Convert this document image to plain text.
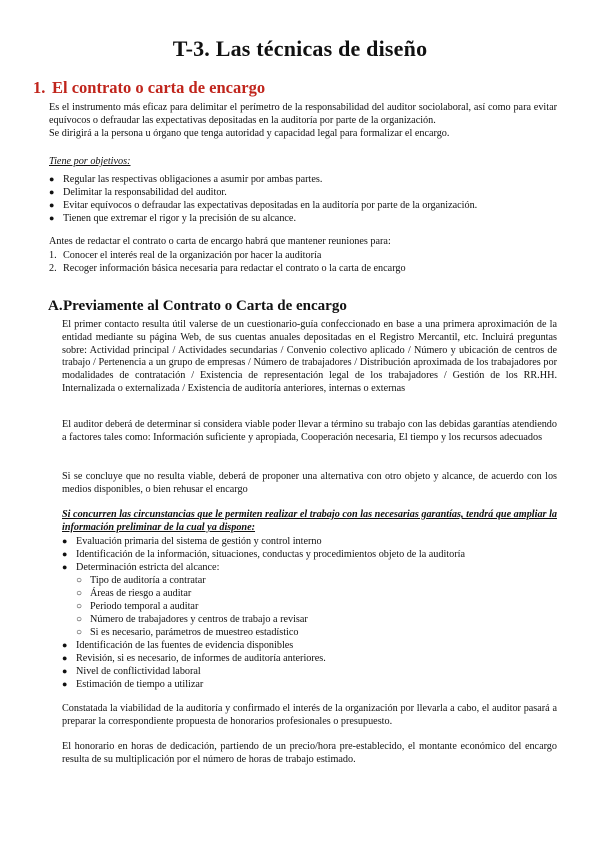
T-3. Las técnicas de diseño
1. El contrato o carta de encargo

Es el instrumento más eficaz para delimitar el perímetro de la responsabilidad del auditor sociolaboral, así como para evitar equívocos o defraudar las expectativas depositadas en la auditoría por parte de la organización.

Se dirigirá a la persona u órgano que tenga autoridad y capacidad legal para formalizar el encargo.

Tiene por objetivos:
● Regular las respectivas obligaciones a asumir por ambas partes.
● Delimitar la responsabilidad del auditor.
● Evitar equívocos o defraudar las expectativas depositadas en la auditoría por parte de la organización.
● Tienen que extremar el rigor y la precisión de su alcance.
Antes de redactar el contrato o carta de encargo habrá que mantener reuniones para:
1. Conocer el interés real de la organización por hacer la auditoría
2. Recoger información básica necesaria para redactar el contrato o la carta de encargo
A.Previamente al Contrato o Carta de encargo
El primer contacto resulta útil valerse de un cuestionario-guía confeccionado en base a una primera aproximación de la entidad mediante su página Web, de sus cuentas anuales depositadas en el Registro Mercantil, etc. Incluirá preguntas sobre: Actividad principal / Actividades secundarias / Convenio colectivo aplicado / Número y ubicación de centros de trabajo / Pertenencia a un grupo de empresas / Número de trabajadores / Distribución aproximada de los trabajadores por modalidades de contratación / Existencia de representación legal de los trabajadores / Gestión de los RR.HH. Internalizada o externalizada / Existencia de auditoría anteriores, internas o externas
El auditor deberá de determinar si considera viable poder llevar a término su trabajo con las debidas garantías atendiendo a factores tales como: Información suficiente y apropiada, Cooperación necesaria, El tiempo y los recursos adecuados
Si se concluye que no resulta viable, deberá de proponer una alternativa con otro objeto y alcance, de acuerdo con los medios disponibles, o bien rehusar el encargo
Si concurren las circunstancias que le permiten realizar el trabajo con las necesarias garantías, tendrá que ampliar la información preliminar de la cual ya dispone:
● Evaluación primaria del sistema de gestión y control interno
● Identificación de la información, situaciones, conductas y procedimientos objeto de la auditoría
● Determinación estricta del alcance:
○ Tipo de auditoría a contratar
○ Áreas de riesgo a auditar
○ Periodo temporal a auditar
○ Número de trabajadores y centros de trabajo a revisar
○ Si es necesario, parámetros de muestreo estadístico
● Identificación de las fuentes de evidencia disponibles
● Revisión, si es necesario, de informes de auditoría anteriores.
● Nivel de conflictividad laboral
● Estimación de tiempo a utilizar
Constatada la viabilidad de la auditoría y confirmado el interés de la organización por llevarla a cabo, el auditor pasará a preparar la correspondiente propuesta de honorarios profesionales o presupuesto.
El honorario en horas de dedicación, partiendo de un precio/hora pre-establecido, el montante económico del encargo resulta de su multiplicación por el número de horas de trabajo estimado.
